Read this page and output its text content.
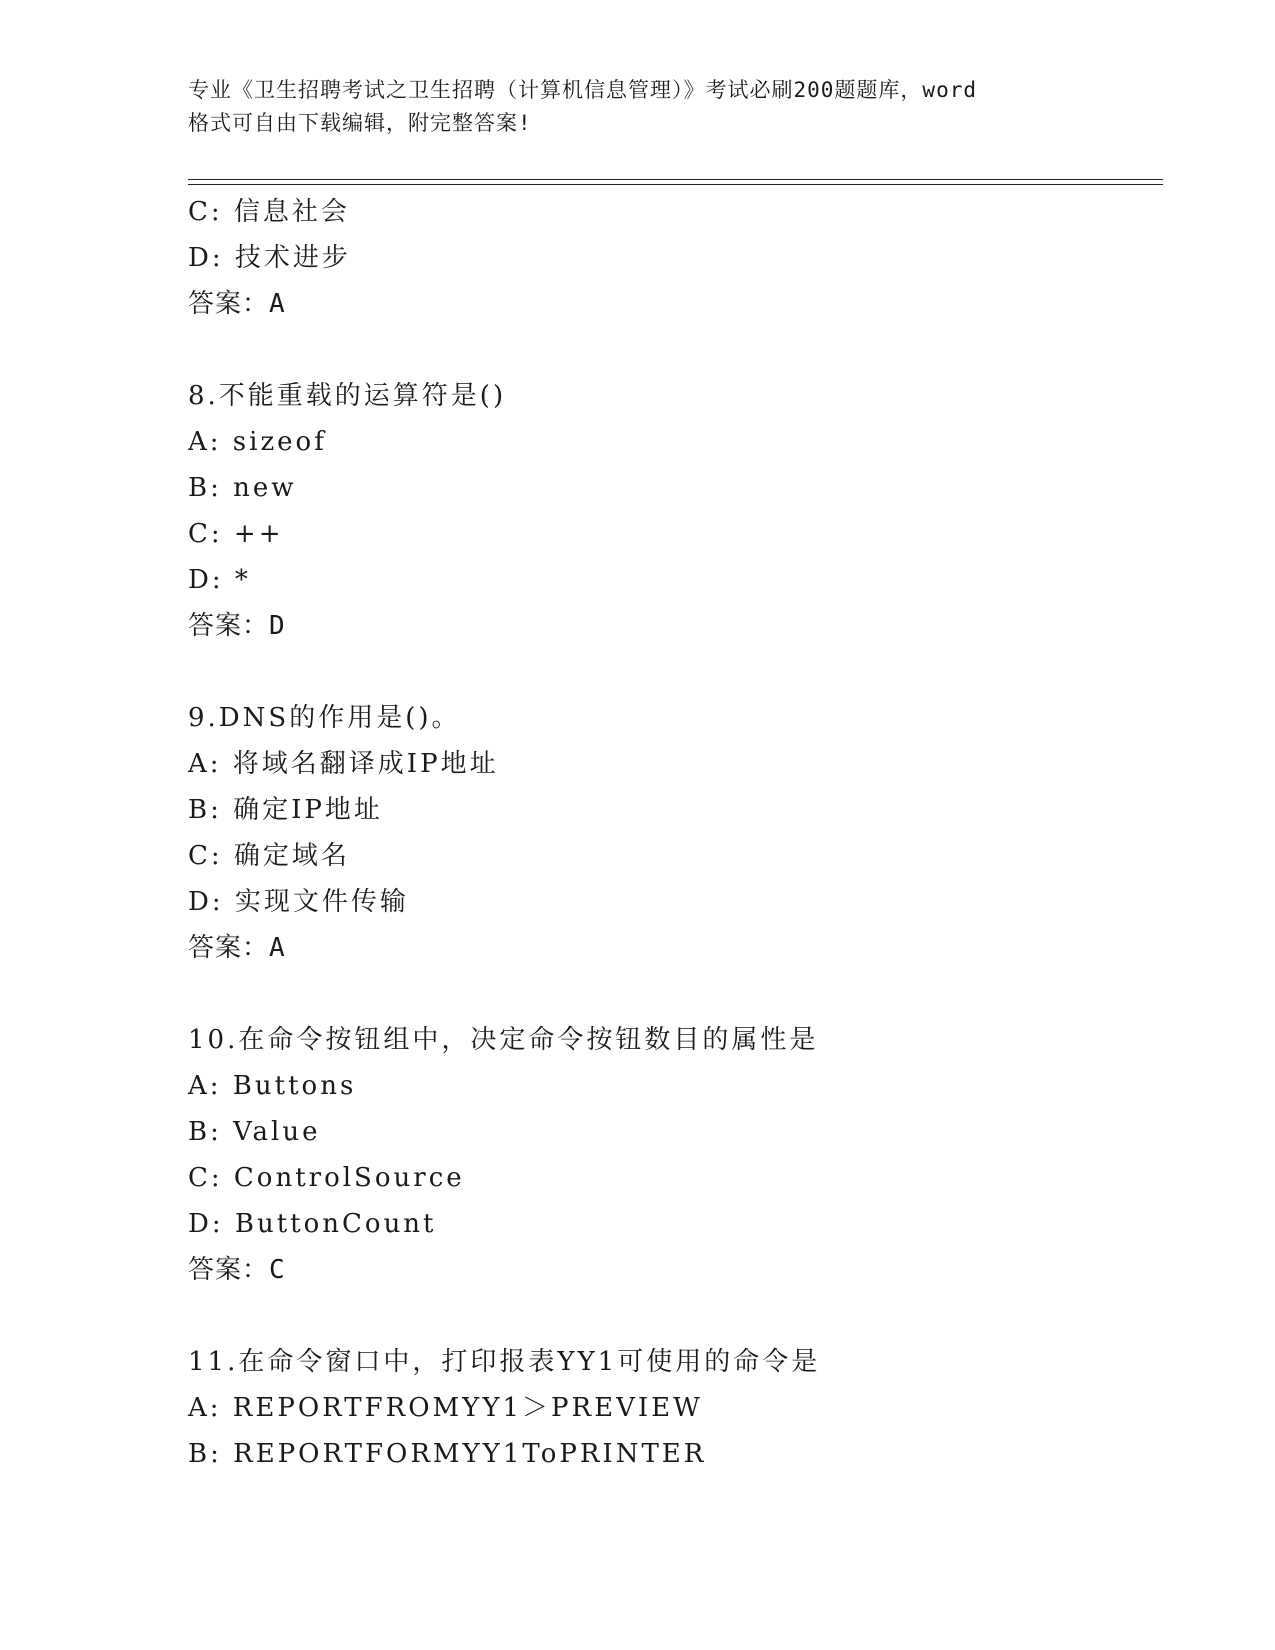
专业《卫生招聘考试之卫生招聘（计算机信息管理）》考试必刷200题题库，word
格式可自由下载编辑，附完整答案!
C: 信息社会
D: 技术进步
答案：A
8.不能重载的运算符是()
A: sizeof
B: new
C: ++
D: *
答案：D
9.DNS的作用是()。
A: 将域名翻译成IP地址
B: 确定IP地址
C: 确定域名
D: 实现文件传输
答案：A
10.在命令按钮组中，决定命令按钮数目的属性是
A: Buttons
B: Value
C: ControlSource
D: ButtonCount
答案：C
11.在命令窗口中，打印报表YY1可使用的命令是
A: REPORTFROMYY1＞PREVIEW
B: REPORTFORMYY1ToPRINTER
